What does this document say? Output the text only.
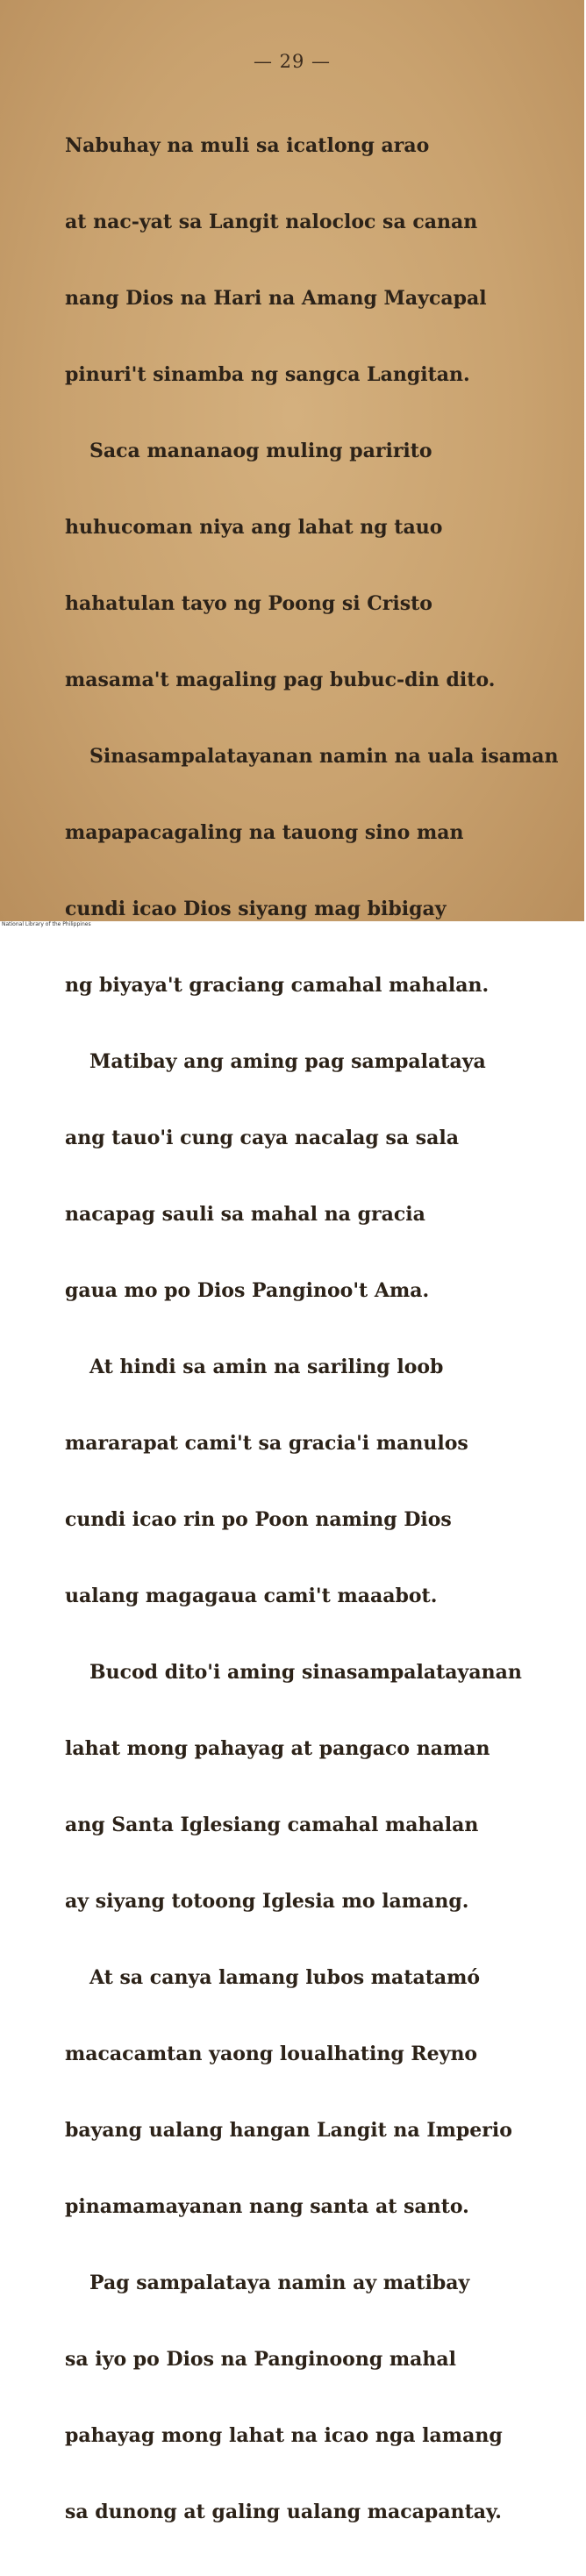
— 29 —

Nabuhay na muli sa icatlong arao

at nac-yat sa Langit nalocloc sa canan

nang Dios na Hari na Amang Maycapal

pinuri't sinamba ng sangca Langitan.

Saca mananaog muling paririto

huhucoman niya ang lahat ng tauo

hahatulan tayo ng Poong si Cristo

masama't magaling pag bubuc-din dito.

Sinasampalatayanan namin na uala isaman

mapapacagaling na tauong sino man

cundi icao Dios siyang mag bibigay

ng biyaya't graciang camahal mahalan.

Matibay ang aming pag sampalataya

ang tauo'i cung caya nacalag sa sala

nacapag sauli sa mahal na gracia

gaua mo po Dios Panginoo't Ama.

At hindi sa amin na sariling loob

mararapat cami't sa gracia'i manulos

cundi icao rin po Poon naming Dios

ualang magagaua cami't maaabot.

Bucod dito'i aming sinasampalatayanan

lahat mong pahayag at pangaco naman

ang Santa Iglesiang camahal mahalan

ay siyang totoong Iglesia mo lamang.

At sa canya lamang lubos matatamó

macacamtan yaong loualhating Reyno

bayang ualang hangan Langit na Imperio

pinamamayanan nang santa at santo.

Pag sampalataya namin ay matibay

sa iyo po Dios na Panginoong mahal

pahayag mong lahat na icao nga lamang

sa dunong at galing ualang macapantay.

National Library of the Philippines
